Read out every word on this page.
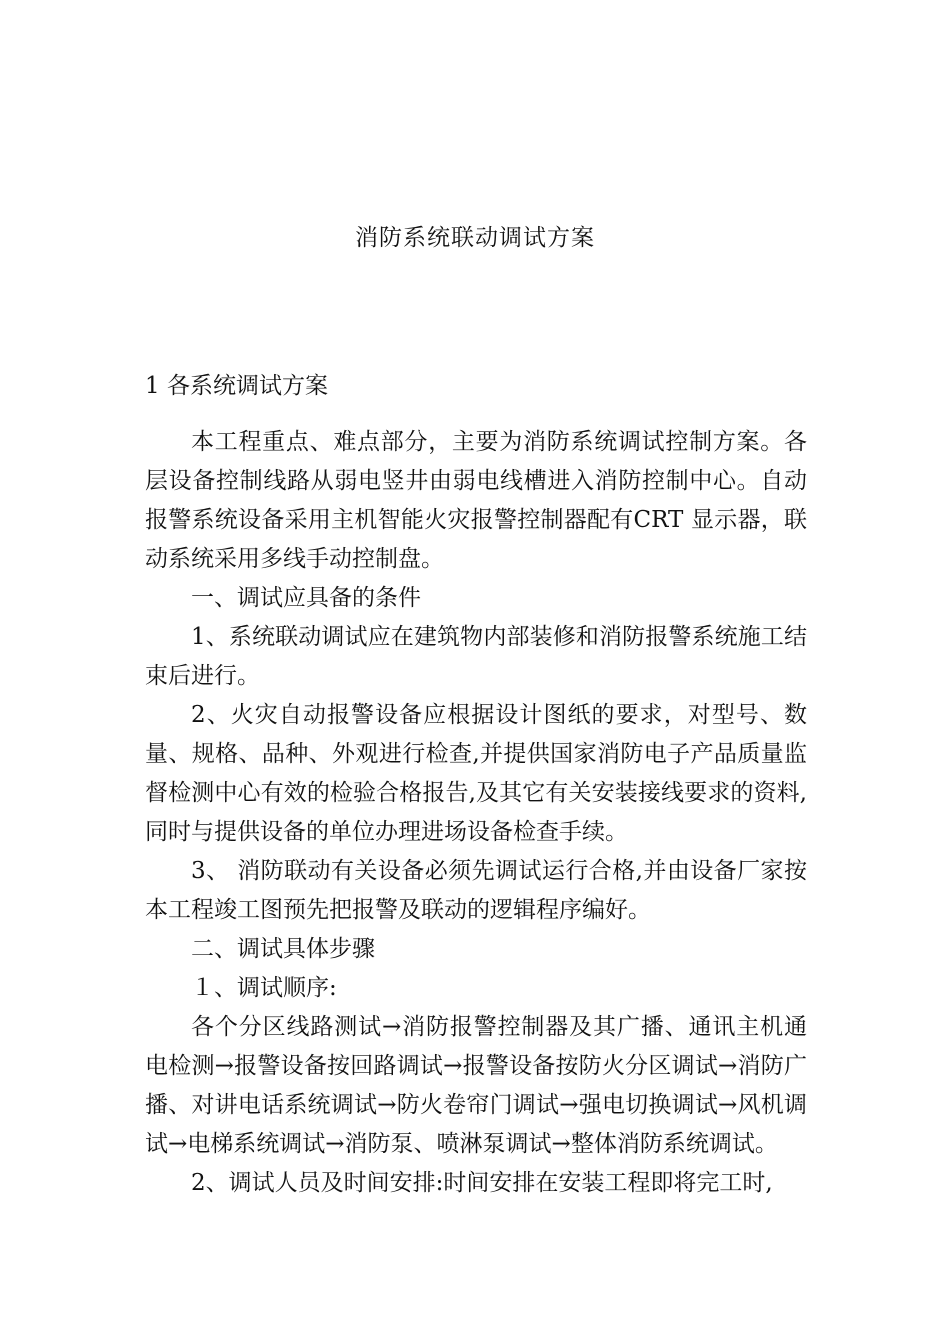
消防系统联动调试方案
1 各系统调试方案

本工程重点、难点部分，主要为消防系统调试控制方案。各层设备控制线路从弱电竖井由弱电线槽进入消防控制中心。自动报警系统设备采用主机智能火灾报警控制器配有CRT 显示器，联动系统采用多线手动控制盘。

一、调试应具备的条件

1、系统联动调试应在建筑物内部装修和消防报警系统施工结束后进行。

2、火灾自动报警设备应根据设计图纸的要求，对型号、数量、规格、品种、外观进行检查,并提供国家消防电子产品质量监督检测中心有效的检验合格报告,及其它有关安装接线要求的资料,同时与提供设备的单位办理进场设备检查手续。

3、 消防联动有关设备必须先调试运行合格,并由设备厂家按本工程竣工图预先把报警及联动的逻辑程序编好。

二、调试具体步骤

１、调试顺序:

各个分区线路测试→消防报警控制器及其广播、通讯主机通电检测→报警设备按回路调试→报警设备按防火分区调试→消防广播、对讲电话系统调试→防火卷帘门调试→强电切换调试→风机调试→电梯系统调试→消防泵、喷淋泵调试→整体消防系统调试。

2、调试人员及时间安排:时间安排在安装工程即将完工时,
